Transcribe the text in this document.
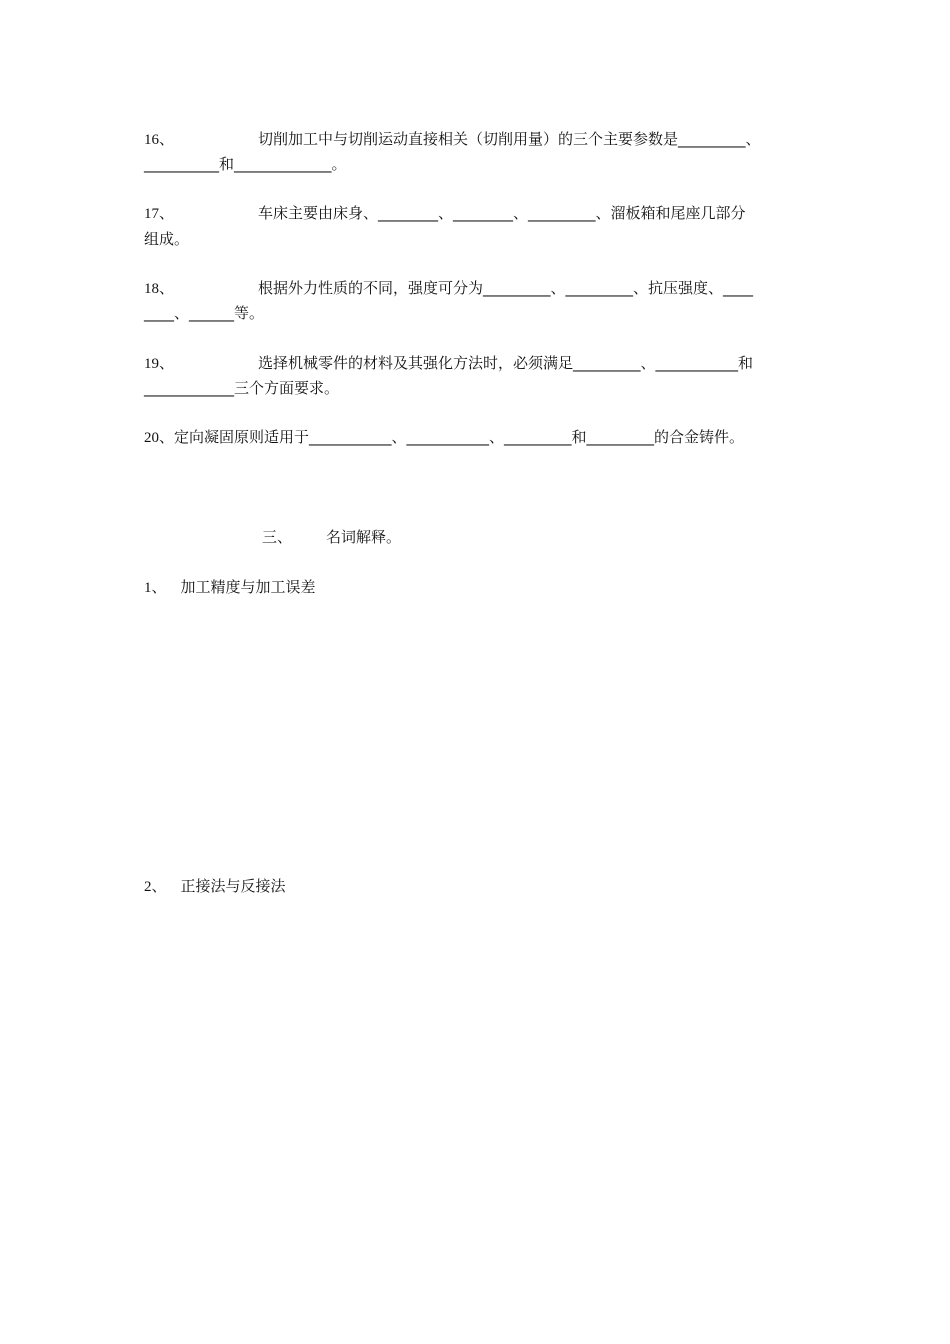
16、	切削加工中与切削运动直接相关（切削用量）的三个主要参数是_________、
__________和_____________。
17、	车床主要由床身、________、________、_________、溜板箱和尾座几部分
组成。
18、	根据外力性质的不同，强度可分为_________、_________、抗压强度、____
____、______等。
19、	选择机械零件的材料及其强化方法时，必须满足_________、___________和
____________三个方面要求。
20、定向凝固原则适用于___________、___________、_________和_________的合金铸件。
三、 名词解释。
1、 加工精度与加工误差
2、 正接法与反接法
